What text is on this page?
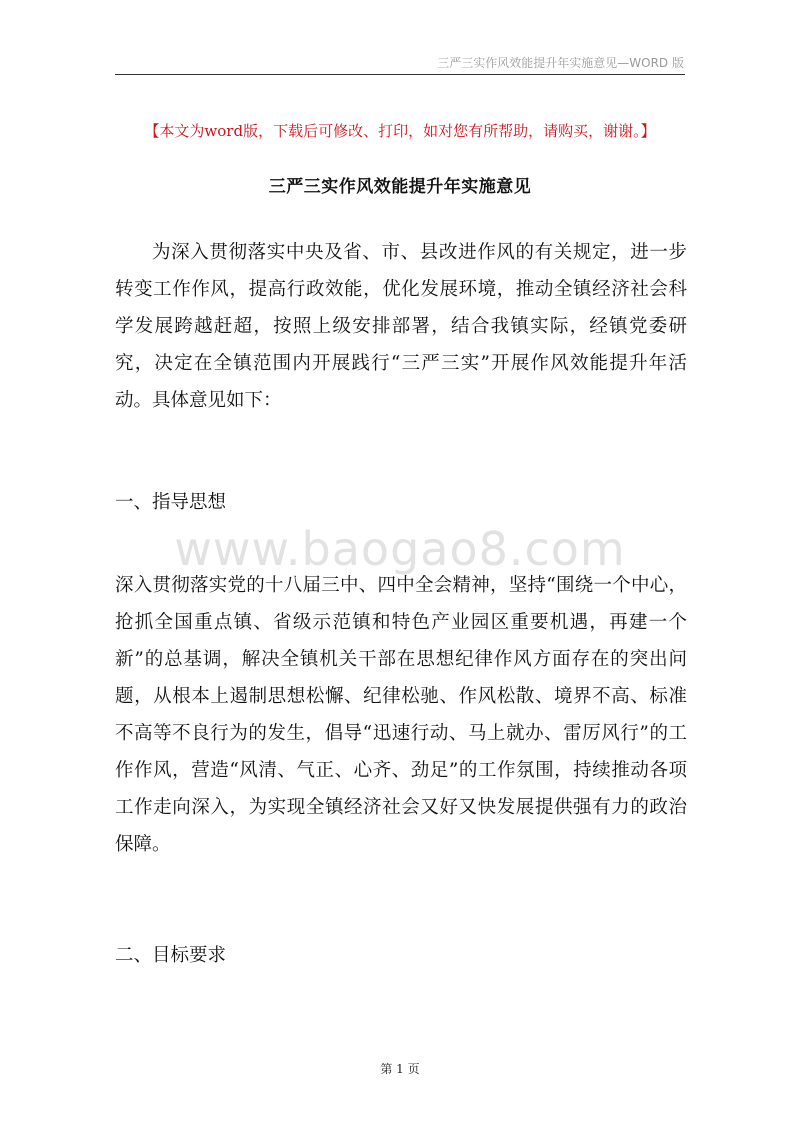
三严三实作风效能提升年实施意见—WORD 版
【本文为word版，下载后可修改、打印，如对您有所帮助，请购买，谢谢。】
三严三实作风效能提升年实施意见

为深入贯彻落实中央及省、市、县改进作风的有关规定，进一步转变工作作风，提高行政效能，优化发展环境，推动全镇经济社会科学发展跨越赶超，按照上级安排部署，结合我镇实际，经镇党委研究，决定在全镇范围内开展践行“三严三实”开展作风效能提升年活动。具体意见如下：

一、指导思想

www.baogao8.com

深入贯彻落实党的十八届三中、四中全会精神，坚持“围绕一个中心，抢抓全国重点镇、省级示范镇和特色产业园区重要机遇，再建一个新”的总基调，解决全镇机关干部在思想纪律作风方面存在的突出问题，从根本上遏制思想松懈、纪律松驰、作风松散、境界不高、标准不高等不良行为的发生，倡导“迅速行动、马上就办、雷厉风行”的工作作风，营造“风清、气正、心齐、劲足”的工作氛围，持续推动各项工作走向深入，为实现全镇经济社会又好又快发展提供强有力的政治保障。

二、目标要求

第 1 页
